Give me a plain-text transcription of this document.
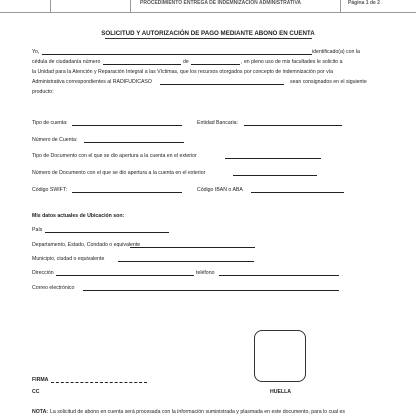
PROCEDIMIENTO ENTREGA DE INDEMNIZACIÓN ADMINISTRATIVA	Página 1 de 2
SOLICITUD Y AUTORIZACIÓN DE PAGO MEDIANTE ABONO EN CUENTA
Yo,	identificado(a) con la
cédula de ciudadanía número	de	, en pleno uso de mis facultades le solicito a
la Unidad para la Atención y Reparación Integral a las Víctimas, que los recursos otorgados por concepto de indemnización por vía
Administrativa correspondientes al RADIFUDICASO	sean consignados en el siguiente
producto:
Tipo de cuenta:	Entidad Bancaria:
Número de Cuenta:
Tipo de Documento con el que se dio apertura a la cuenta en el exterior
Número de Documento con el que se dio apertura a la cuenta en el exterior
Código SWIFT:	Código IBAN o ABA
Mis datos actuales de Ubicación son:
País
Departamento, Estado, Condado o equivalente
Municipio, ciudad o equivalente
Dirección	teléfono
Correo electrónico
FIRMA
CC	HUELLA
NOTA: La solicitud de abono en cuenta será procesada con la información suministrada y plasmada en este documento, para lo cual es
